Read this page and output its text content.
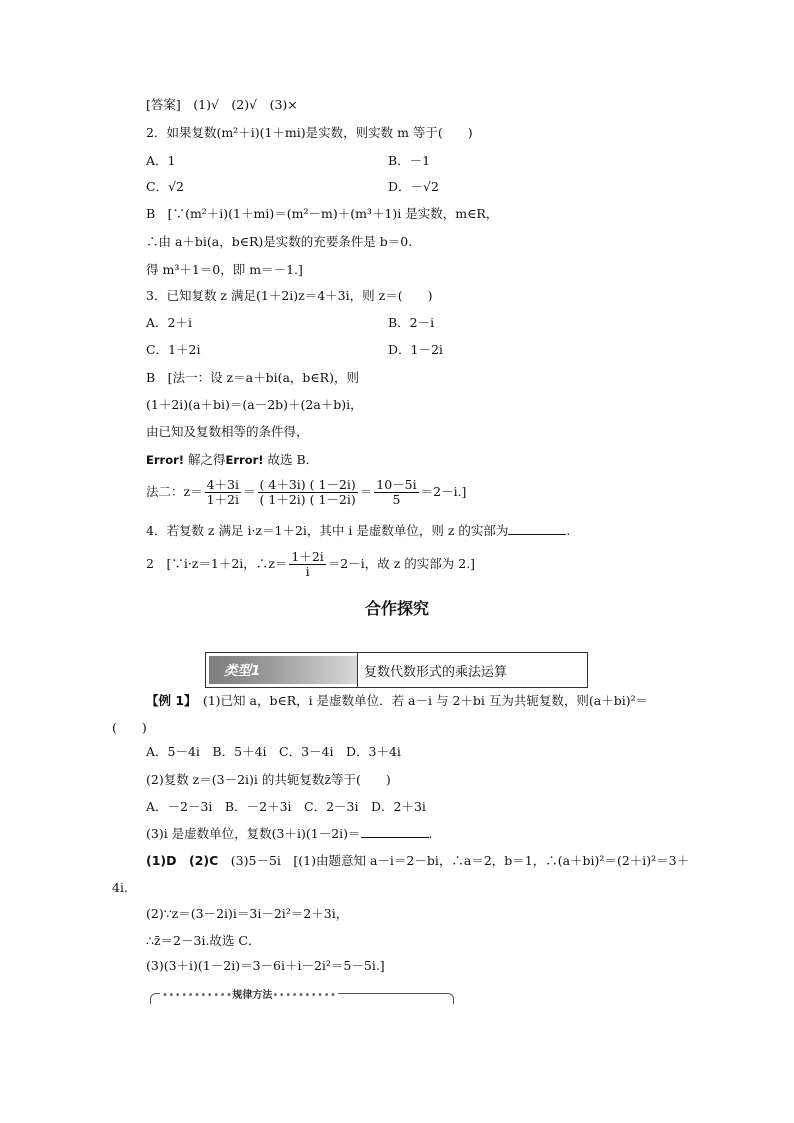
[答案]　(1)√　(2)√　(3)×
2．如果复数(m²＋i)(1＋mi)是实数，则实数 m 等于(　　)
A．1	B．－1
C．√2	D．－√2
B　[∵(m²＋i)(1＋mi)＝(m²－m)＋(m³＋1)i 是实数，m∈R，
∴由 a＋bi(a，b∈R)是实数的充要条件是 b＝0.
得 m³＋1＝0，即 m＝－1.]
3．已知复数 z 满足(1＋2i)z＝4＋3i，则 z＝(　　)
A．2＋i	B．2－i
C．1＋2i	D．1－2i
B　[法一：设 z＝a＋bi(a，b∈R)，则
(1＋2i)(a＋bi)＝(a－2b)＋(2a＋b)i，
由已知及复数相等的条件得，
Error! 解之得Error! 故选 B．
法二：$z= \frac{4+3i}{1+2i} = \frac{( 4+3i) ( 1-2i)}{( 1+2i) ( 1-2i)} = \frac{10-5i}{5} =2-i$.]
4．若复数 z 满足 i·z＝1＋2i，其中 i 是虚数单位，则 z 的实部为	.
2　[∵i·z＝1＋2i，∴z＝ $\frac{1+2i}{i} =2-i$，故 z 的实部为 2.]
合作探究
类型1	复数代数形式的乘法运算
【例 1】　(1)已知 a，b∈R，i 是虚数单位．若 a－i 与 2＋bi 互为共轭复数，则(a＋bi)²＝
(　　)
A．5－4i　B．5＋4i　C．3－4i　D．3＋4i
(2)复数 z＝(3－2i)i 的共轭复数z̄等于(　　)
A．－2－3i　B．－2＋3i　C．2－3i　D．2＋3i
(3)i 是虚数单位，复数(3＋i)(1－2i)＝	.
(1)D　(2)C　(3)5－5i　[(1)由题意知 a－i＝2－bi，∴a＝2，b＝1，∴(a＋bi)²＝(2＋i)²＝3＋
4i.
(2)∵z＝(3－2i)i＝3i－2i²＝2＋3i，
∴z̄＝2－3i.故选 C．
(3)(3＋i)(1－2i)＝3－6i＋i－2i²＝5－5i.]
•••••••••••规律方法••••••••••
